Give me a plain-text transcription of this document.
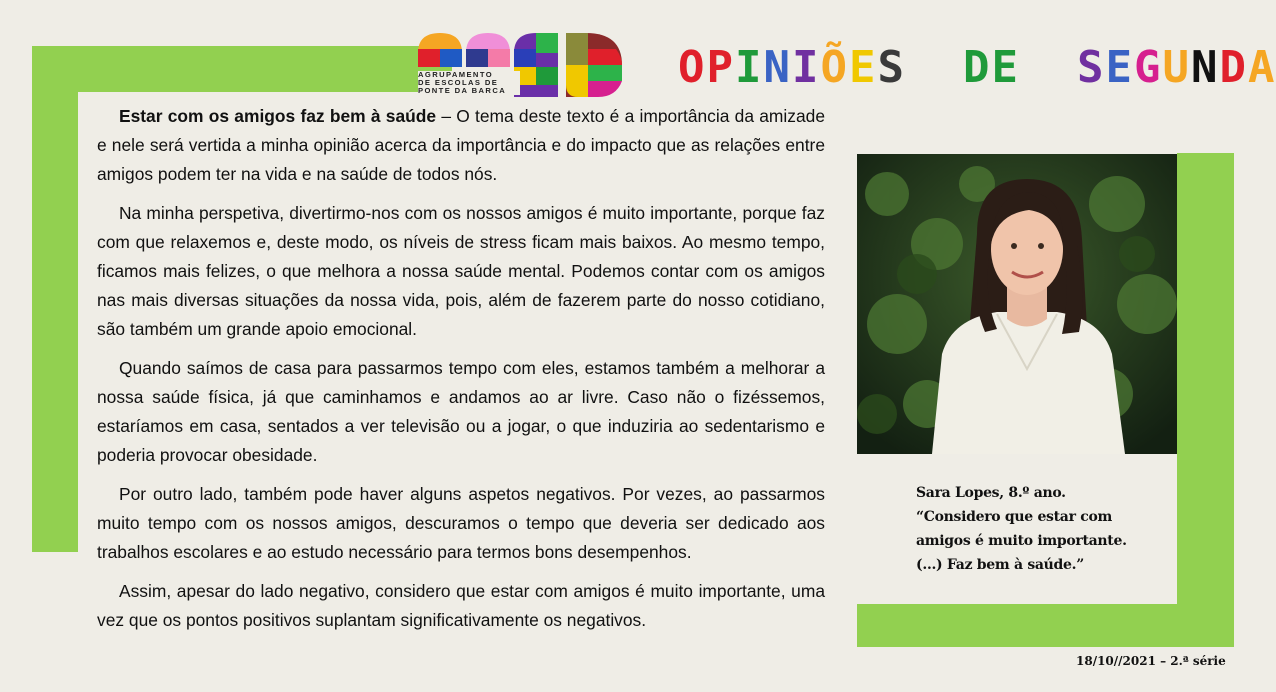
AGRUPAMENTO
DE ESCOLAS DE
PONTE DA BARCA	OPINIÕES DE SEGUNDA

Estar com os amigos faz bem à saúde – O tema deste texto é a importância da amizade e nele será vertida a minha opinião acerca da importância e do impacto que as relações entre amigos podem ter na vida e na saúde de todos nós.

Na minha perspetiva, divertirmo-nos com os nossos amigos é muito importante, porque faz com que relaxemos e, deste modo, os níveis de stress ficam mais baixos. Ao mesmo tempo, ficamos mais felizes, o que melhora a nossa saúde mental. Podemos contar com os amigos nas mais diversas situações da nossa vida, pois, além de fazerem parte do nosso cotidiano, são também um grande apoio emocional.

Quando saímos de casa para passarmos tempo com eles, estamos também a melhorar a nossa saúde física, já que caminhamos e andamos ao ar livre. Caso não o fizéssemos, estaríamos em casa, sentados a ver televisão ou a jogar, o que induziria ao sedentarismo e poderia provocar obesidade.

Por outro lado, também pode haver alguns aspetos negativos. Por vezes, ao passarmos muito tempo com os nossos amigos, descuramos o tempo que deveria ser dedicado aos trabalhos escolares e ao estudo necessário para termos bons desempenhos.

Assim, apesar do lado negativo, considero que estar com amigos é muito importante, uma vez que os pontos positivos suplantam significativamente os negativos.

Sara Lopes, 8.º ano.
“Considero que estar com
amigos é muito importante.
(…) Faz bem à saúde.”
18/10//2021 – 2.ª série
